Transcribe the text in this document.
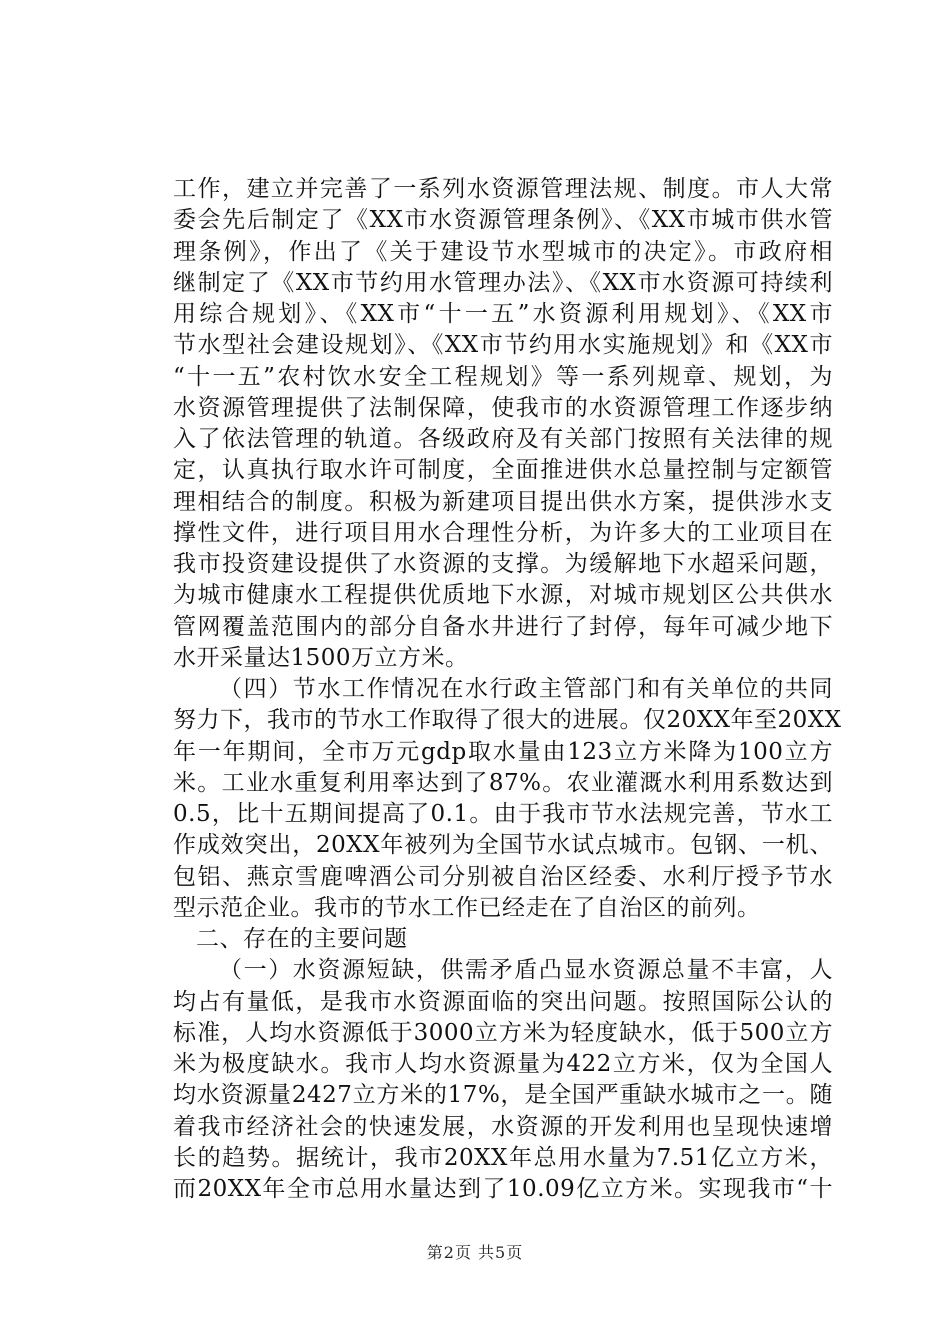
工作，建立并完善了一系列水资源管理法规、制度。市人大常
委会先后制定了《XX市水资源管理条例》、《XX市城市供水管
理条例》，作出了《关于建设节水型城市的决定》。市政府相
继制定了《XX市节约用水管理办法》、《XX市水资源可持续利
用综合规划》、《XX市“十一五”水资源利用规划》、《XX市
节水型社会建设规划》、《XX市节约用水实施规划》和《XX市
“十一五”农村饮水安全工程规划》等一系列规章、规划，为
水资源管理提供了法制保障，使我市的水资源管理工作逐步纳
入了依法管理的轨道。各级政府及有关部门按照有关法律的规
定，认真执行取水许可制度，全面推进供水总量控制与定额管
理相结合的制度。积极为新建项目提出供水方案，提供涉水支
撑性文件，进行项目用水合理性分析，为许多大的工业项目在
我市投资建设提供了水资源的支撑。为缓解地下水超采问题，
为城市健康水工程提供优质地下水源，对城市规划区公共供水
管网覆盖范围内的部分自备水井进行了封停，每年可减少地下
水开采量达1500万立方米。
（四）节水工作情况在水行政主管部门和有关单位的共同
努力下，我市的节水工作取得了很大的进展。仅20XX年至20XX
年一年期间，全市万元gdp取水量由123立方米降为100立方
米。工业水重复利用率达到了87%。农业灌溉水利用系数达到
0.5，比十五期间提高了0.1。由于我市节水法规完善，节水工
作成效突出，20XX年被列为全国节水试点城市。包钢、一机、
包铝、燕京雪鹿啤酒公司分别被自治区经委、水利厅授予节水
型示范企业。我市的节水工作已经走在了自治区的前列。
二、存在的主要问题
（一）水资源短缺，供需矛盾凸显水资源总量不丰富，人
均占有量低，是我市水资源面临的突出问题。按照国际公认的
标准，人均水资源低于3000立方米为轻度缺水，低于500立方
米为极度缺水。我市人均水资源量为422立方米，仅为全国人
均水资源量2427立方米的17%，是全国严重缺水城市之一。随
着我市经济社会的快速发展，水资源的开发利用也呈现快速增
长的趋势。据统计，我市20XX年总用水量为7.51亿立方米，
而20XX年全市总用水量达到了10.09亿立方米。实现我市“十
第2页 共5页
